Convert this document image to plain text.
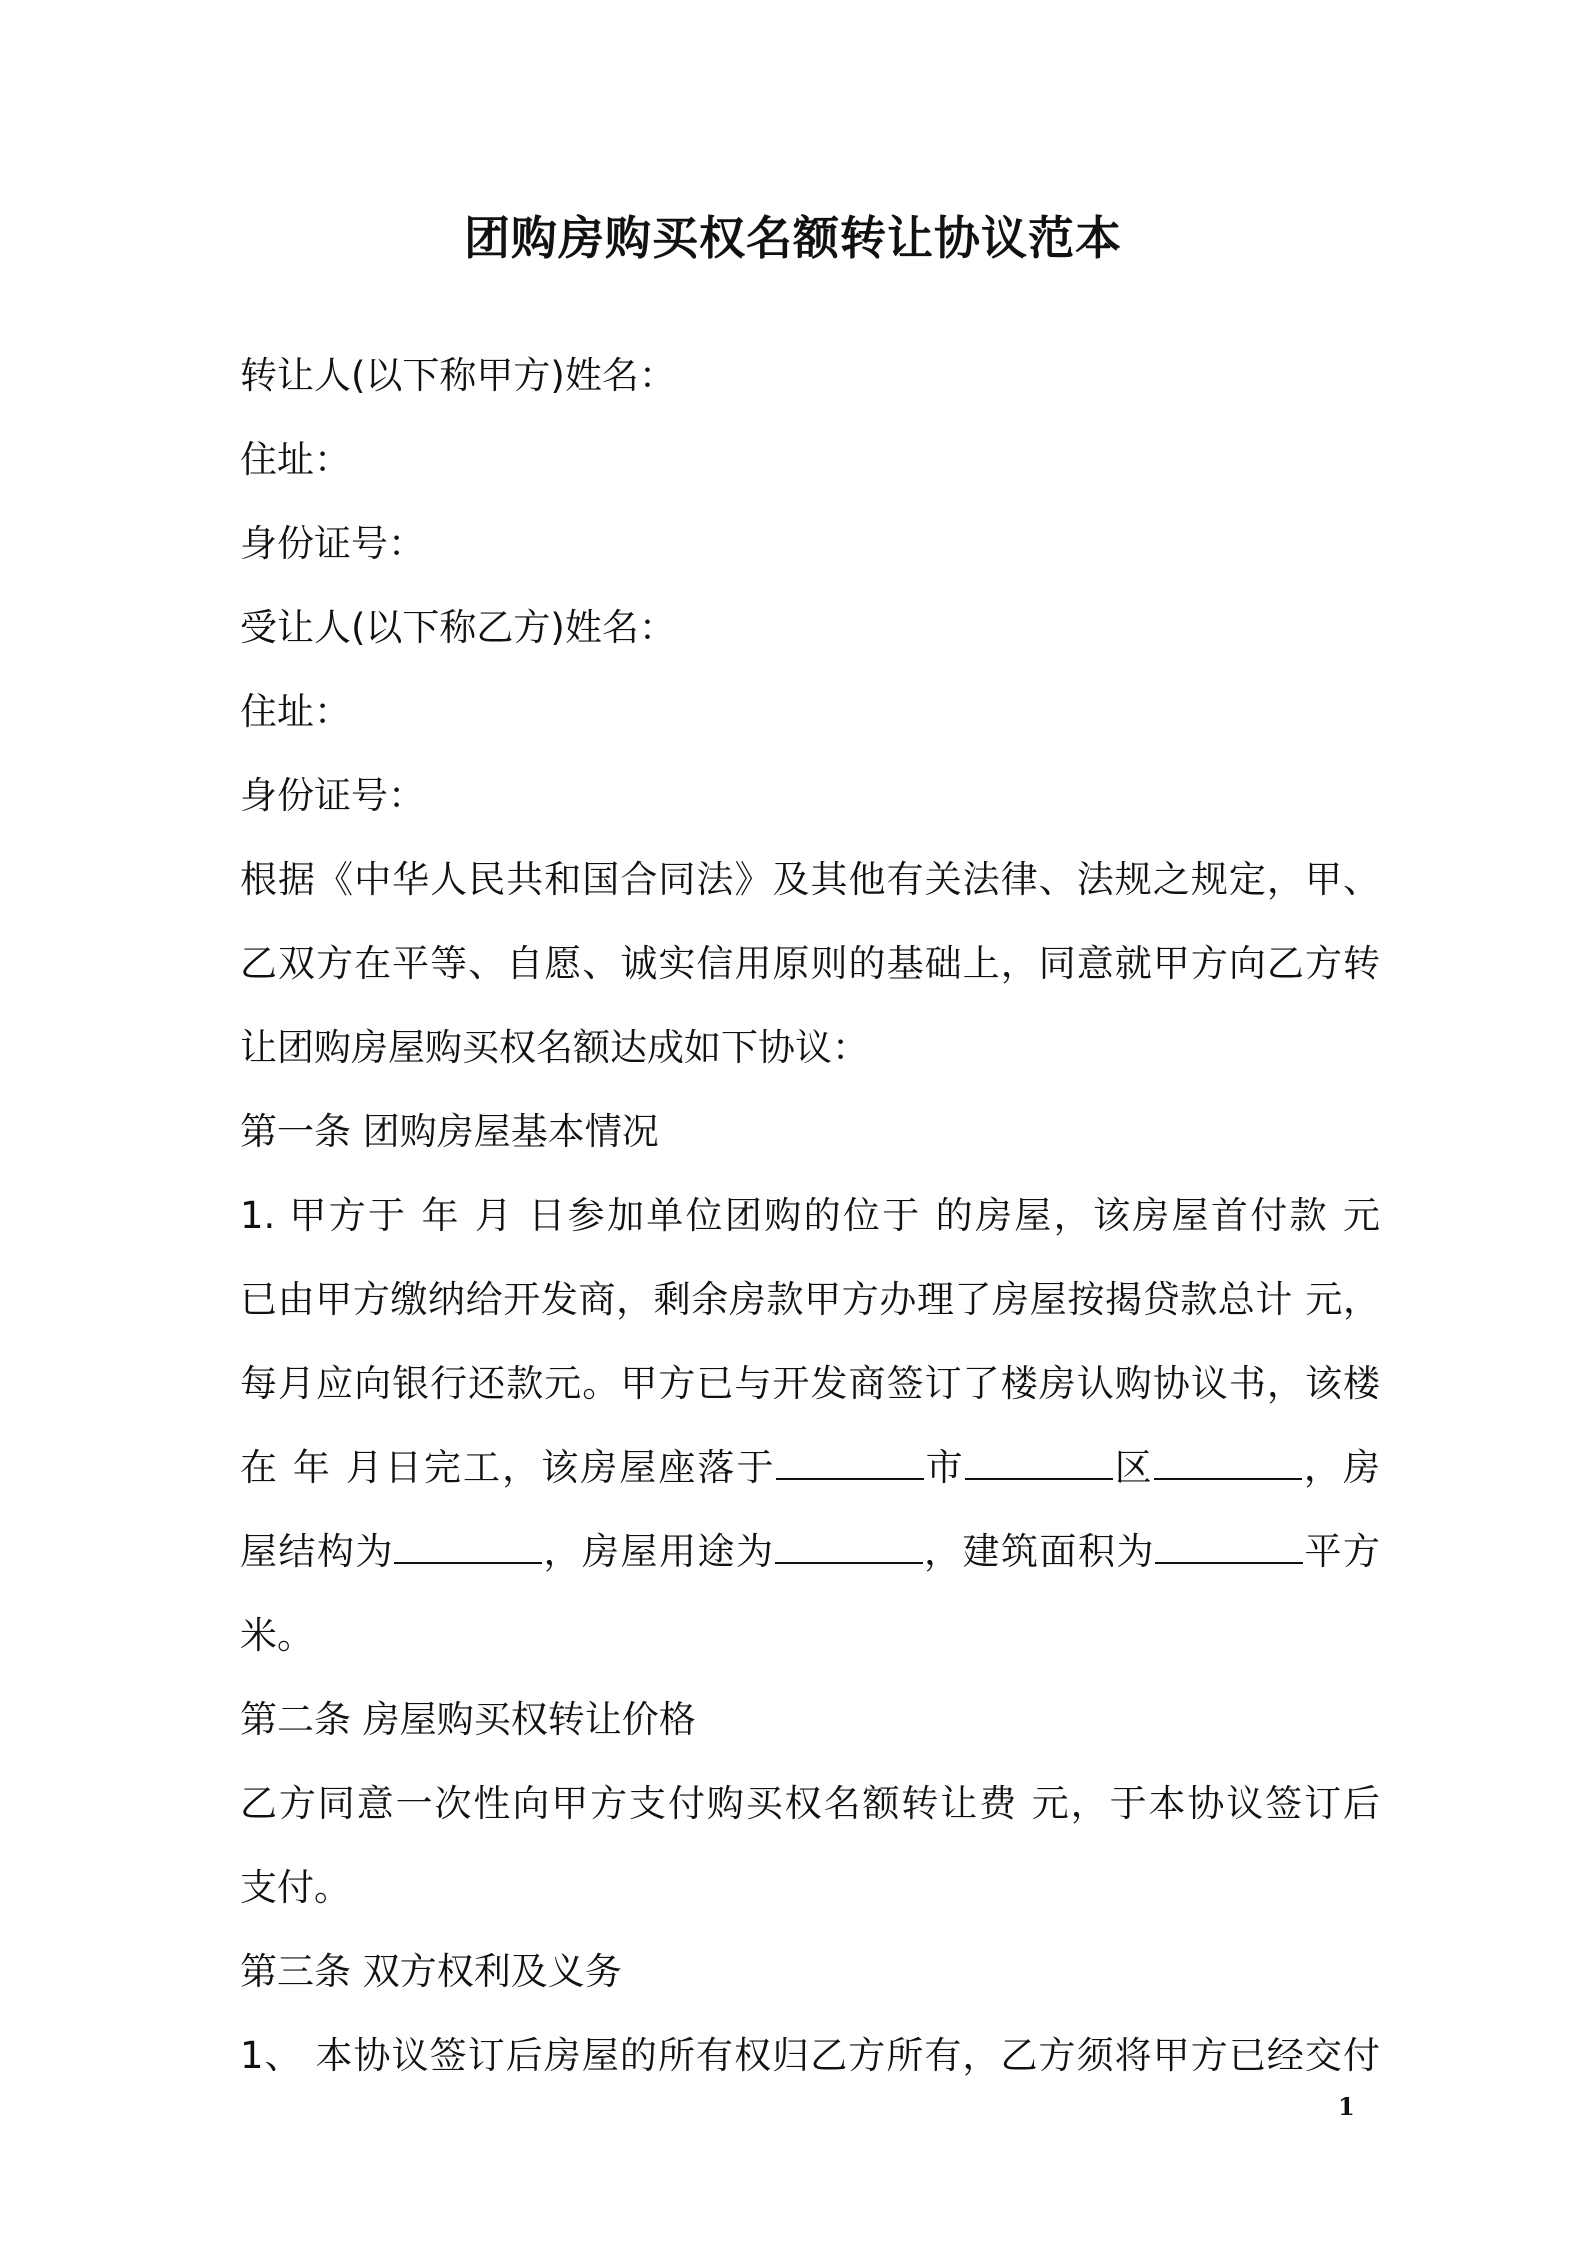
团购房购买权名额转让协议范本
转让人(以下称甲方)姓名：
住址：
身份证号：
受让人(以下称乙方)姓名：
住址：
身份证号：
根据《中华人民共和国合同法》及其他有关法律、法规之规定，甲、
乙双方在平等、自愿、诚实信用原则的基础上，同意就甲方向乙方转
让团购房屋购买权名额达成如下协议：
第一条 团购房屋基本情况
1. 甲方于 年 月 日参加单位团购的位于 的房屋，该房屋首付款 元
已由甲方缴纳给开发商，剩余房款甲方办理了房屋按揭贷款总计 元，
每月应向银行还款元。甲方已与开发商签订了楼房认购协议书，该楼
在 年 月日完工，该房屋座落于	市	区	，房
屋结构为	，房屋用途为	，建筑面积为	平方
米。
第二条 房屋购买权转让价格
乙方同意一次性向甲方支付购买权名额转让费 元，于本协议签订后
支付。
第三条 双方权利及义务
1、 本协议签订后房屋的所有权归乙方所有，乙方须将甲方已经交付
1
